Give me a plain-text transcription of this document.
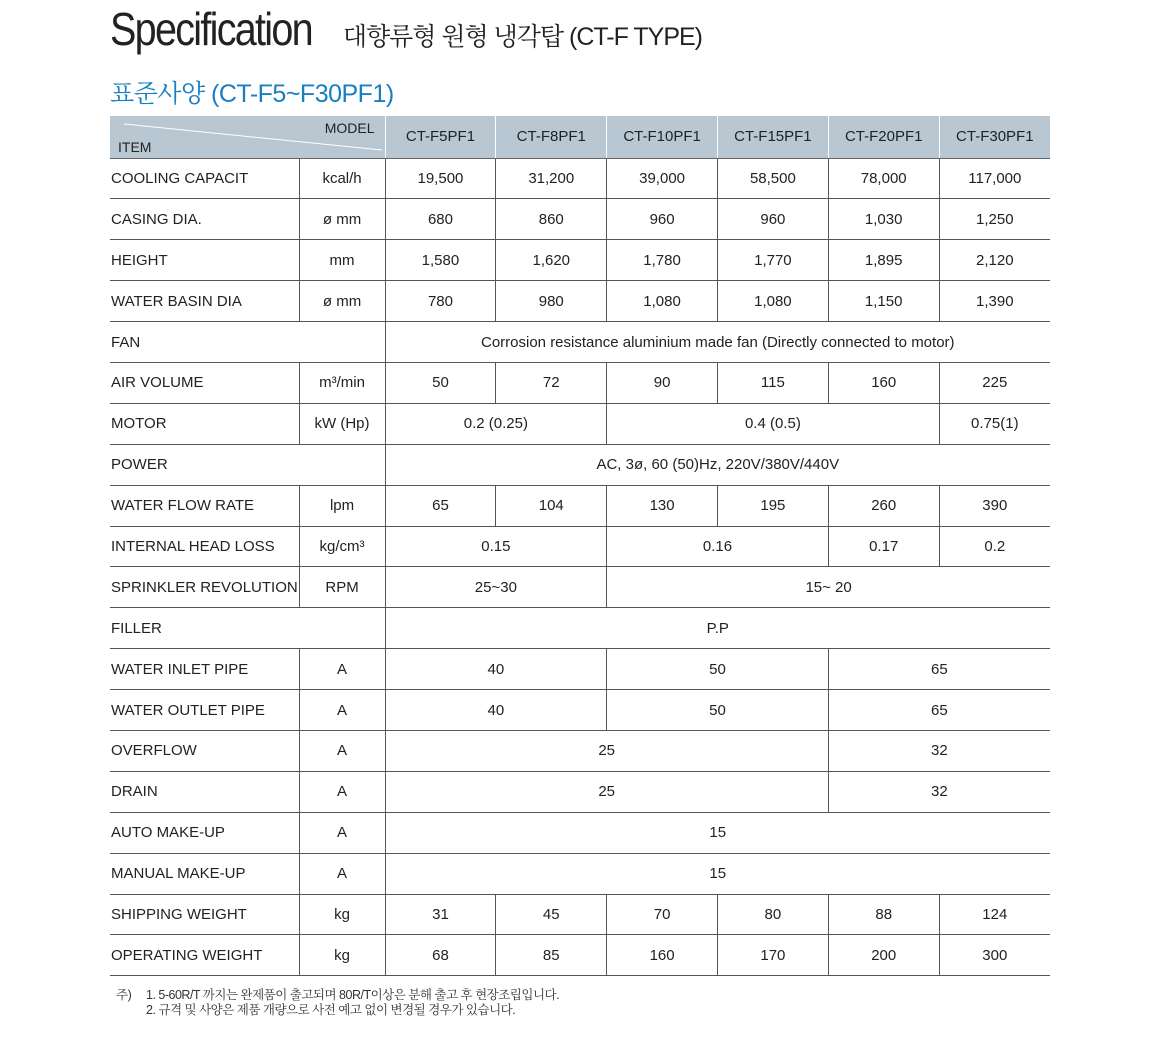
Specification 대향류형 원형 냉각탑 (CT-F TYPE)
표준사양 (CT-F5~F30PF1)
MODEL
ITEM		CT-F5PF1	CT-F8PF1	CT-F10PF1	CT-F15PF1	CT-F20PF1	CT-F30PF1
COOLING CAPACIT	kcal/h	19,500	31,200	39,000	58,500	78,000	117,000
CASING DIA.	ø mm	680	860	960	960	1,030	1,250
HEIGHT	mm	1,580	1,620	1,780	1,770	1,895	2,120
WATER BASIN DIA	ø mm	780	980	1,080	1,080	1,150	1,390
FAN		Corrosion resistance aluminium made fan (Directly connected to motor)					
AIR VOLUME	m³/min	50	72	90	115	160	225
MOTOR	kW (Hp)	0.2 (0.25)		0.4 (0.5)			0.75(1)
POWER		AC, 3ø, 60 (50)Hz, 220V/380V/440V					
WATER FLOW RATE	lpm	65	104	130	195	260	390
INTERNAL HEAD LOSS	kg/cm³	0.15		0.16		0.17	0.2
SPRINKLER REVOLUTION	RPM	25~30		15~ 20			
FILLER		P.P					
WATER INLET PIPE	A	40		50		65	
WATER OUTLET PIPE	A	40		50		65	
OVERFLOW	A	25				32	
DRAIN	A	25				32	
AUTO MAKE-UP	A	15					
MANUAL MAKE-UP	A	15					
SHIPPING WEIGHT	kg	31	45	70	80	88	124
OPERATING WEIGHT	kg	68	85	160	170	200	300
주) 1. 5-60R/T 까지는 완제품이 출고되며 80R/T이상은 분해 출고 후 현장조립입니다.
2. 규격 및 사양은 제품 개량으로 사전 예고 없이 변경될 경우가 있습니다.
